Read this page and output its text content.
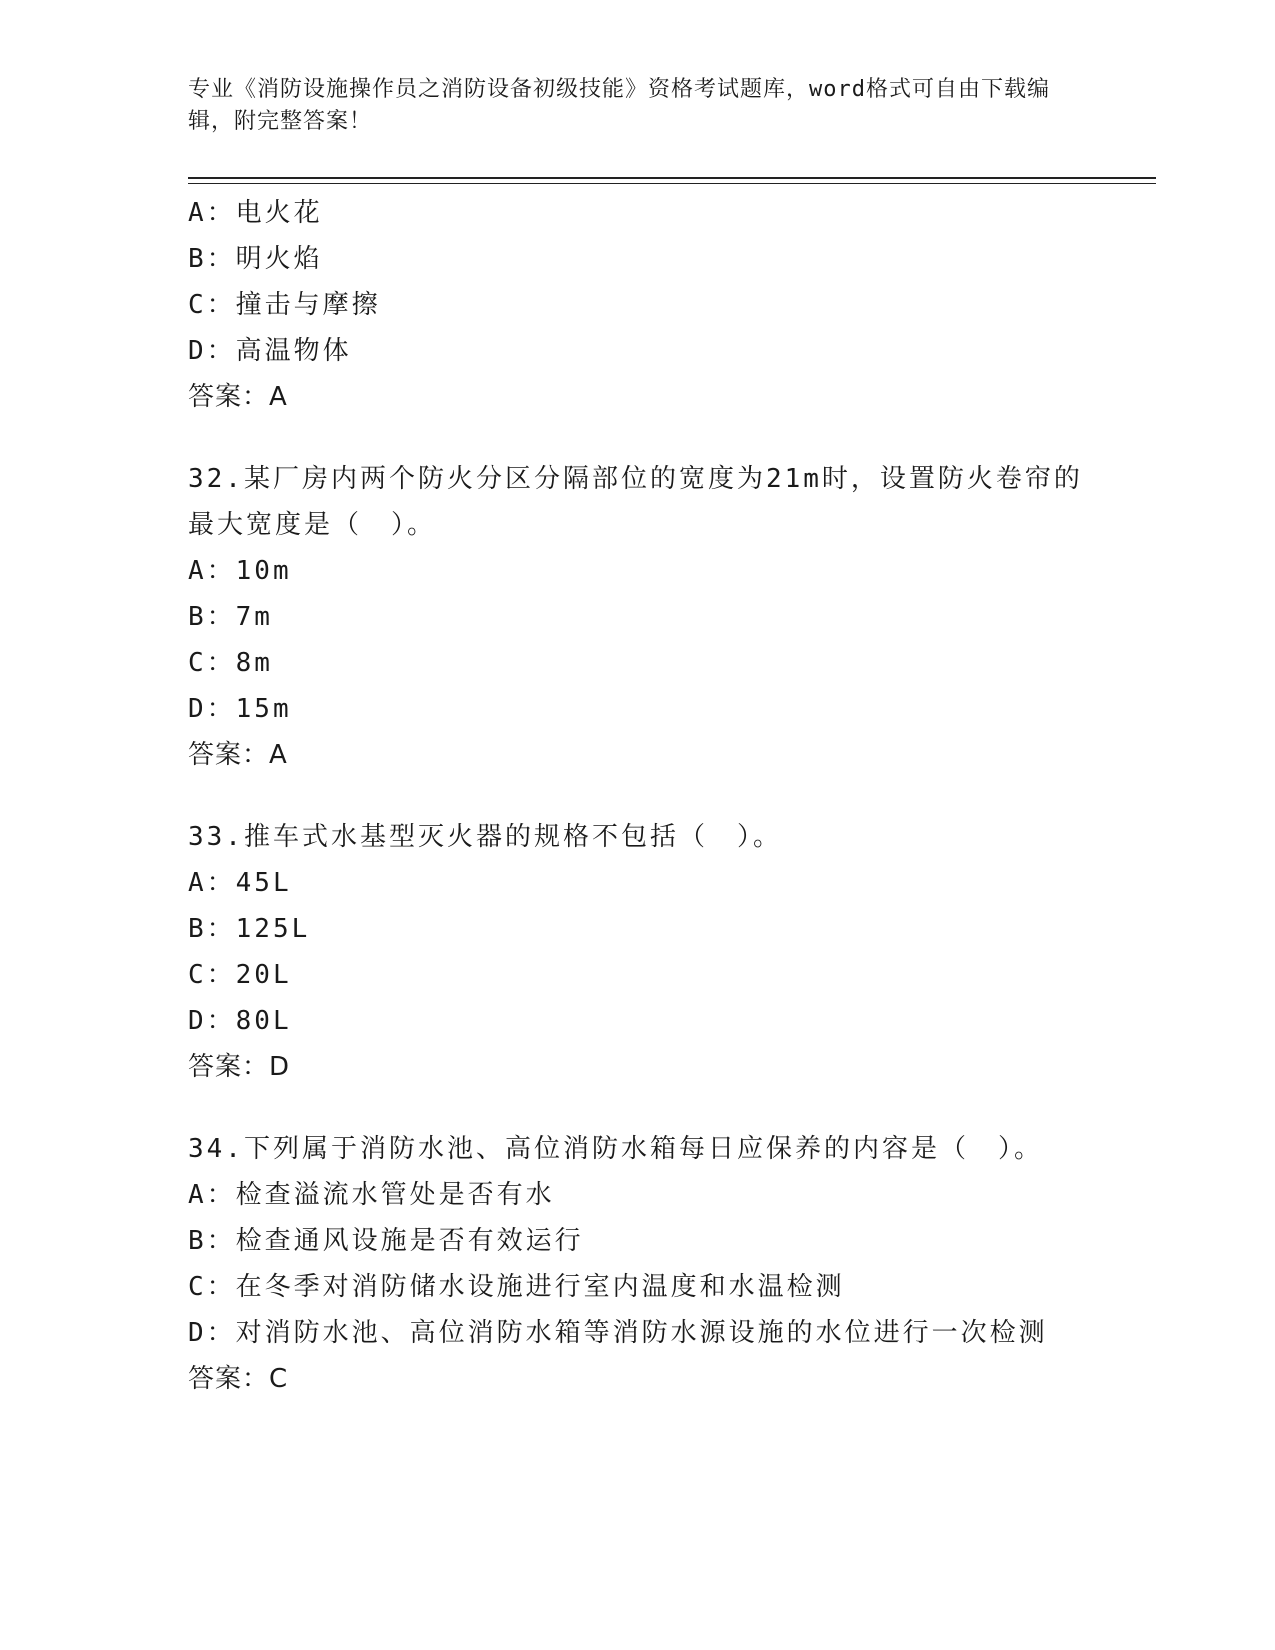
专业《消防设施操作员之消防设备初级技能》资格考试题库，word格式可自由下载编辑，附完整答案！
A：电火花
B：明火焰
C：撞击与摩擦
D：高温物体
答案：A
32.某厂房内两个防火分区分隔部位的宽度为21m时，设置防火卷帘的最大宽度是（　）。
A：10m
B：7m
C：8m
D：15m
答案：A
33.推车式水基型灭火器的规格不包括（　）。
A：45L
B：125L
C：20L
D：80L
答案：D
34.下列属于消防水池、高位消防水箱每日应保养的内容是（　）。
A：检查溢流水管处是否有水
B：检查通风设施是否有效运行
C：在冬季对消防储水设施进行室内温度和水温检测
D：对消防水池、高位消防水箱等消防水源设施的水位进行一次检测
答案：C
